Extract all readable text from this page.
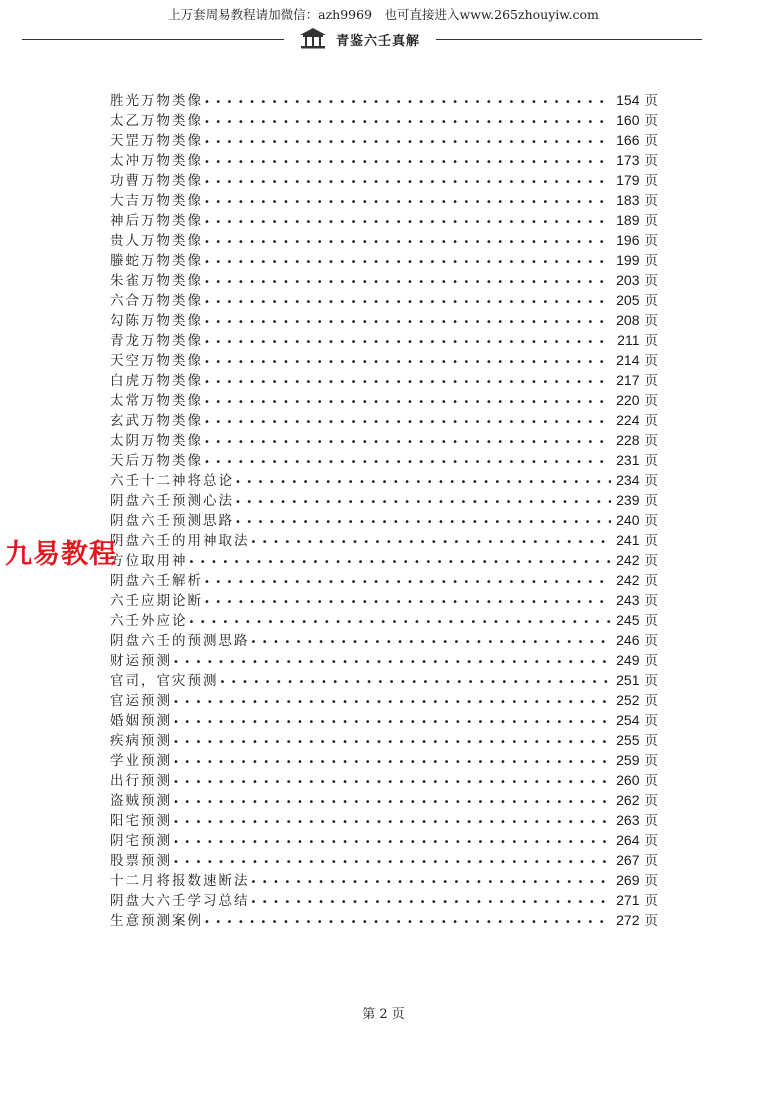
上万套周易教程请加微信：azh9969　也可直接进入www.265zhouyiw.com
青鉴六壬真解
胜光万物类像 • • •	154 页
太乙万物类像 • • •	160 页
天罡万物类像 • • •	166 页
太冲万物类像 • • •	173 页
功曹万物类像 • • •	179 页
大吉万物类像 • • •	183 页
神后万物类像 • • •	189 页
贵人万物类像 • • •	196 页
螣蛇万物类像 • • •	199 页
朱雀万物类像 • • •	203 页
六合万物类像 • • •	205 页
勾陈万物类像 • • •	208 页
青龙万物类像 • • •	211 页
天空万物类像 • • •	214 页
白虎万物类像 • • •	217 页
太常万物类像 • • •	220 页
玄武万物类像 • • •	224 页
太阴万物类像 • • •	228 页
天后万物类像 • • •	231 页
六壬十二神将总论 • • •	234 页
阴盘六壬预测心法 • • •	239 页
阴盘六壬预测思路 • • •	240 页
阴盘六壬的用神取法 • • •	241 页
方位取用神 • • •	242 页
阴盘六壬解析 • • •	242 页
六壬应期论断 • • •	243 页
六壬外应论 • • •	245 页
阴盘六壬的预测思路 • • •	246 页
财运预测 • • •	249 页
官司，官灾预测 • • •	251 页
官运预测 • • •	252 页
婚姻预测 • • •	254 页
疾病预测 • • •	255 页
学业预测 • • •	259 页
出行预测 • • •	260 页
盗贼预测 • • •	262 页
阳宅预测 • • •	263 页
阴宅预测 • • •	264 页
股票预测 • • •	267 页
十二月将报数速断法 • • •	269 页
阴盘大六壬学习总结 • • •	271 页
生意预测案例 • • •	272 页
九易教程
第 2 页
